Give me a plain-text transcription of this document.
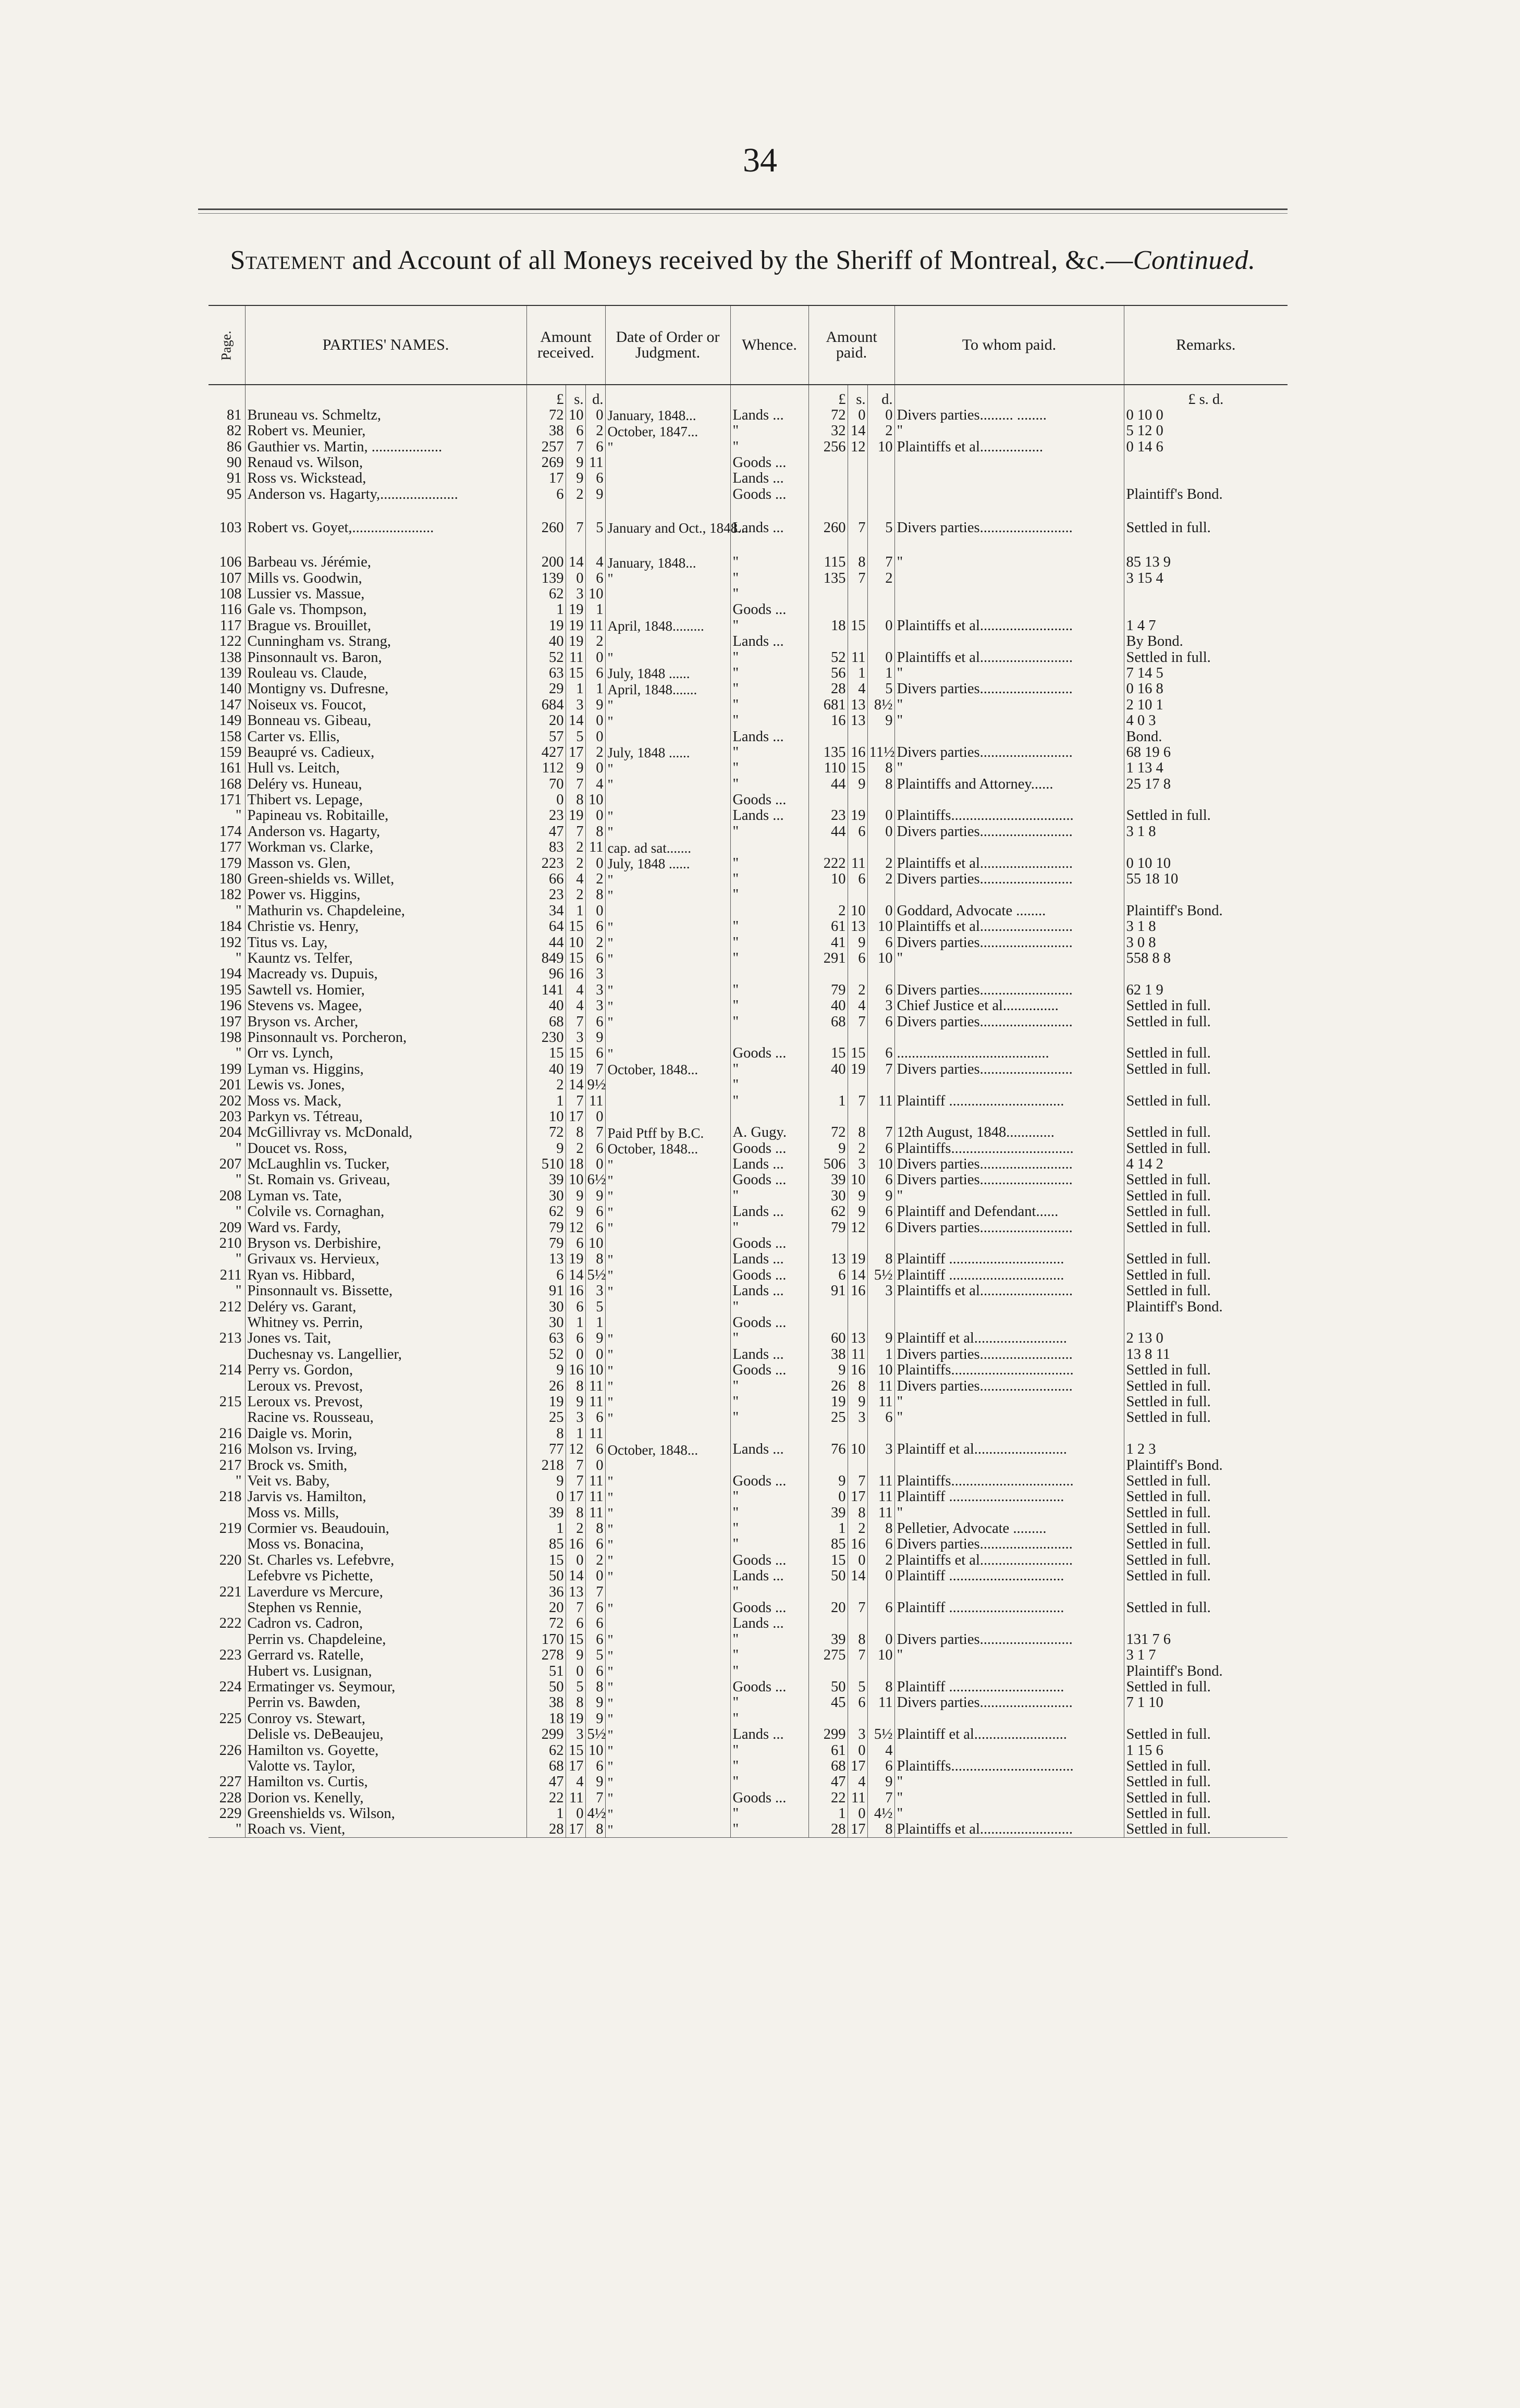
34
Statement and Account of all Moneys received by the Sheriff of Montreal, &c.—Continued.
Page.	PARTIES' NAMES.	Amount received.			Date of Order or Judgment.	Whence.	Amount paid.			To whom paid.	Remarks.
		£	s.	d.			£	s.	d.		£ s. d.
81	Bruneau vs. Schmeltz,	72	10	0	January, 1848...	Lands ...	72	0	0	Divers parties......... ........	0 10 0
82	Robert vs. Meunier,	38	6	2	October, 1847...	"	32	14	2	"	5 12 0
86	Gauthier vs. Martin, ...................	257	7	6	"	"	256	12	10	Plaintiffs et al.................	0 14 6
90	Renaud vs. Wilson,	269	9	11		Goods ...					
91	Ross vs. Wickstead,	17	9	6		Lands ...					
95	Anderson vs. Hagarty,.....................	6	2	9		Goods ...					Plaintiff's Bond.

103	Robert vs. Goyet,......................	260	7	5	January and Oct., 1848...	Lands ...	260	7	5	Divers parties.........................	Settled in full.

106	Barbeau vs. Jérémie,	200	14	4	January, 1848...	"	115	8	7	"	85 13 9
107	Mills vs. Goodwin,	139	0	6	"	"	135	7	2		3 15 4
108	Lussier vs. Massue,	62	3	10		"					
116	Gale vs. Thompson,	1	19	1		Goods ...					
117	Brague vs. Brouillet,	19	19	11	April, 1848.........	"	18	15	0	Plaintiffs et al.........................	1 4 7
122	Cunningham vs. Strang,	40	19	2		Lands ...					By Bond.
138	Pinsonnault vs. Baron,	52	11	0	"	"	52	11	0	Plaintiffs et al.........................	Settled in full.
139	Rouleau vs. Claude,	63	15	6	July, 1848 ......	"	56	1	1	"	7 14 5
140	Montigny vs. Dufresne,	29	1	1	April, 1848.......	"	28	4	5	Divers parties.........................	0 16 8
147	Noiseux vs. Foucot,	684	3	9	"	"	681	13	8½	"	2 10 1
149	Bonneau vs. Gibeau,	20	14	0	"	"	16	13	9	"	4 0 3
158	Carter vs. Ellis,	57	5	0		Lands ...					Bond.
159	Beaupré vs. Cadieux,	427	17	2	July, 1848 ......	"	135	16	11½	Divers parties.........................	68 19 6
161	Hull vs. Leitch,	112	9	0	"	"	110	15	8	"	1 13 4
168	Deléry vs. Huneau,	70	7	4	"	"	44	9	8	Plaintiffs and Attorney......	25 17 8
171	Thibert vs. Lepage,	0	8	10		Goods ...					
"	Papineau vs. Robitaille,	23	19	0	"	Lands ...	23	19	0	Plaintiffs.................................	Settled in full.
174	Anderson vs. Hagarty,	47	7	8	"	"	44	6	0	Divers parties.........................	3 1 8
177	Workman vs. Clarke,	83	2	11	cap. ad sat.......						
179	Masson vs. Glen,	223	2	0	July, 1848 ......	"	222	11	2	Plaintiffs et al.........................	0 10 10
180	Green-shields vs. Willet,	66	4	2	"	"	10	6	2	Divers parties.........................	55 18 10
182	Power vs. Higgins,	23	2	8	"	"					
"	Mathurin vs. Chapdeleine,	34	1	0			2	10	0	Goddard, Advocate ........	Plaintiff's Bond.
184	Christie vs. Henry,	64	15	6	"	"	61	13	10	Plaintiffs et al.........................	3 1 8
192	Titus vs. Lay,	44	10	2	"	"	41	9	6	Divers parties.........................	3 0 8
"	Kauntz vs. Telfer,	849	15	6	"	"	291	6	10	"	558 8 8
194	Macready vs. Dupuis,	96	16	3							
195	Sawtell vs. Homier,	141	4	3	"	"	79	2	6	Divers parties.........................	62 1 9
196	Stevens vs. Magee,	40	4	3	"	"	40	4	3	Chief Justice et al...............	Settled in full.
197	Bryson vs. Archer,	68	7	6	"	"	68	7	6	Divers parties.........................	Settled in full.
198	Pinsonnault vs. Porcheron,	230	3	9							
"	Orr vs. Lynch,	15	15	6	"	Goods ...	15	15	6	.........................................	Settled in full.
199	Lyman vs. Higgins,	40	19	7	October, 1848...	"	40	19	7	Divers parties.........................	Settled in full.
201	Lewis vs. Jones,	2	14	9½		"					
202	Moss vs. Mack,	1	7	11		"	1	7	11	Plaintiff ...............................	Settled in full.
203	Parkyn vs. Tétreau,	10	17	0							
204	McGillivray vs. McDonald,	72	8	7	Paid Ptff by B.C.	A. Gugy.	72	8	7	12th August, 1848.............	Settled in full.
"	Doucet vs. Ross,	9	2	6	October, 1848...	Goods ...	9	2	6	Plaintiffs.................................	Settled in full.
207	McLaughlin vs. Tucker,	510	18	0	"	Lands ...	506	3	10	Divers parties.........................	4 14 2
"	St. Romain vs. Griveau,	39	10	6½	"	Goods ...	39	10	6	Divers parties.........................	Settled in full.
208	Lyman vs. Tate,	30	9	9	"	"	30	9	9	"	Settled in full.
"	Colvile vs. Cornaghan,	62	9	6	"	Lands ...	62	9	6	Plaintiff and Defendant......	Settled in full.
209	Ward vs. Fardy,	79	12	6	"	"	79	12	6	Divers parties.........................	Settled in full.
210	Bryson vs. Derbishire,	79	6	10		Goods ...					
"	Grivaux vs. Hervieux,	13	19	8	"	Lands ...	13	19	8	Plaintiff ...............................	Settled in full.
211	Ryan vs. Hibbard,	6	14	5½	"	Goods ...	6	14	5½	Plaintiff ...............................	Settled in full.
"	Pinsonnault vs. Bissette,	91	16	3	"	Lands ...	91	16	3	Plaintiffs et al.........................	Settled in full.
212	Deléry vs. Garant,	30	6	5		"					Plaintiff's Bond.
	Whitney vs. Perrin,	30	1	1		Goods ...					
213	Jones vs. Tait,	63	6	9	"	"	60	13	9	Plaintiff et al.........................	2 13 0
	Duchesnay vs. Langellier,	52	0	0	"	Lands ...	38	11	1	Divers parties.........................	13 8 11
214	Perry vs. Gordon,	9	16	10	"	Goods ...	9	16	10	Plaintiffs.................................	Settled in full.
	Leroux vs. Prevost,	26	8	11	"	"	26	8	11	Divers parties.........................	Settled in full.
215	Leroux vs. Prevost,	19	9	11	"	"	19	9	11	"	Settled in full.
	Racine vs. Rousseau,	25	3	6	"	"	25	3	6	"	Settled in full.
216	Daigle vs. Morin,	8	1	11							
216	Molson vs. Irving,	77	12	6	October, 1848...	Lands ...	76	10	3	Plaintiff et al.........................	1 2 3
217	Brock vs. Smith,	218	7	0							Plaintiff's Bond.
"	Veit vs. Baby,	9	7	11	"	Goods ...	9	7	11	Plaintiffs.................................	Settled in full.
218	Jarvis vs. Hamilton,	0	17	11	"	"	0	17	11	Plaintiff ...............................	Settled in full.
	Moss vs. Mills,	39	8	11	"	"	39	8	11	"	Settled in full.
219	Cormier vs. Beaudouin,	1	2	8	"	"	1	2	8	Pelletier, Advocate .........	Settled in full.
	Moss vs. Bonacina,	85	16	6	"	"	85	16	6	Divers parties.........................	Settled in full.
220	St. Charles vs. Lefebvre,	15	0	2	"	Goods ...	15	0	2	Plaintiffs et al.........................	Settled in full.
	Lefebvre vs Pichette,	50	14	0	"	Lands ...	50	14	0	Plaintiff ...............................	Settled in full.
221	Laverdure vs Mercure,	36	13	7		"					
	Stephen vs Rennie,	20	7	6	"	Goods ...	20	7	6	Plaintiff ...............................	Settled in full.
222	Cadron vs. Cadron,	72	6	6		Lands ...					
	Perrin vs. Chapdeleine,	170	15	6	"	"	39	8	0	Divers parties.........................	131 7 6
223	Gerrard vs. Ratelle,	278	9	5	"	"	275	7	10	"	3 1 7
	Hubert vs. Lusignan,	51	0	6	"	"					Plaintiff's Bond.
224	Ermatinger vs. Seymour,	50	5	8	"	Goods ...	50	5	8	Plaintiff ...............................	Settled in full.
	Perrin vs. Bawden,	38	8	9	"	"	45	6	11	Divers parties.........................	7 1 10
225	Conroy vs. Stewart,	18	19	9	"	"					
	Delisle vs. DeBeaujeu,	299	3	5½	"	Lands ...	299	3	5½	Plaintiff et al.........................	Settled in full.
226	Hamilton vs. Goyette,	62	15	10	"	"	61	0	4		1 15 6
	Valotte vs. Taylor,	68	17	6	"	"	68	17	6	Plaintiffs.................................	Settled in full.
227	Hamilton vs. Curtis,	47	4	9	"	"	47	4	9	"	Settled in full.
228	Dorion vs. Kenelly,	22	11	7	"	Goods ...	22	11	7	"	Settled in full.
229	Greenshields vs. Wilson,	1	0	4½	"	"	1	0	4½	"	Settled in full.
"	Roach vs. Vient,	28	17	8	"	"	28	17	8	Plaintiffs et al.........................	Settled in full.
